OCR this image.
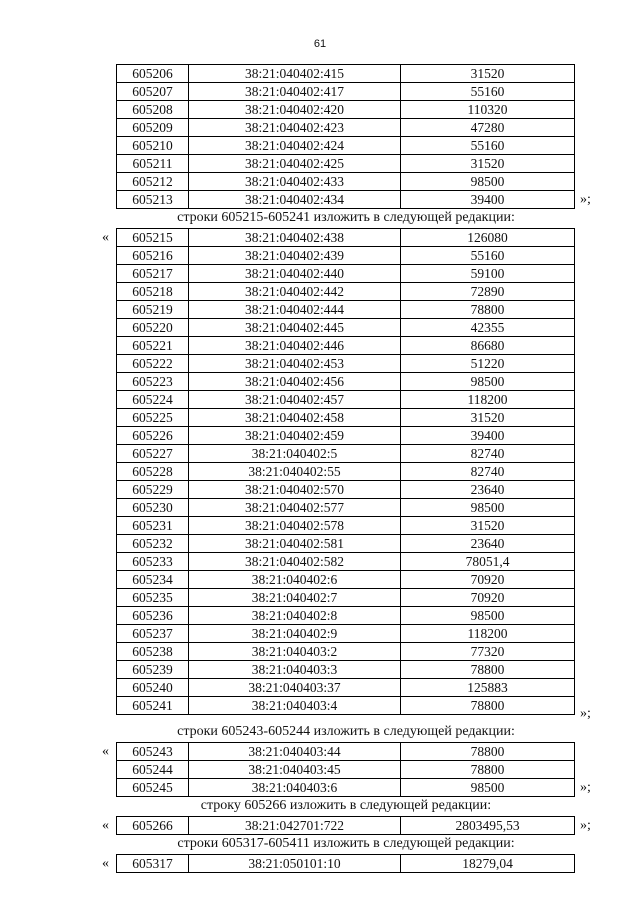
61
605206	38:21:040402:415	31520
605207	38:21:040402:417	55160
605208	38:21:040402:420	110320
605209	38:21:040402:423	47280
605210	38:21:040402:424	55160
605211	38:21:040402:425	31520
605212	38:21:040402:433	98500
605213	38:21:040402:434	39400	»;
строки 605215-605241 изложить в следующей редакции:
« 605215	38:21:040402:438	126080
605216	38:21:040402:439	55160
605217	38:21:040402:440	59100
605218	38:21:040402:442	72890
605219	38:21:040402:444	78800
605220	38:21:040402:445	42355
605221	38:21:040402:446	86680
605222	38:21:040402:453	51220
605223	38:21:040402:456	98500
605224	38:21:040402:457	118200
605225	38:21:040402:458	31520
605226	38:21:040402:459	39400
605227	38:21:040402:5	82740
605228	38:21:040402:55	82740
605229	38:21:040402:570	23640
605230	38:21:040402:577	98500
605231	38:21:040402:578	31520
605232	38:21:040402:581	23640
605233	38:21:040402:582	78051,4
605234	38:21:040402:6	70920
605235	38:21:040402:7	70920
605236	38:21:040402:8	98500
605237	38:21:040402:9	118200
605238	38:21:040403:2	77320
605239	38:21:040403:3	78800
605240	38:21:040403:37	125883
605241	38:21:040403:4	78800
»;
строки 605243-605244 изложить в следующей редакции:
« 605243	38:21:040403:44	78800
605244	38:21:040403:45	78800
605245	38:21:040403:6	98500	»;
строку 605266 изложить в следующей редакции:
« 605266	38:21:042701:722	2803495,53	»;
строки 605317-605411 изложить в следующей редакции:
« 605317	38:21:050101:10	18279,04
